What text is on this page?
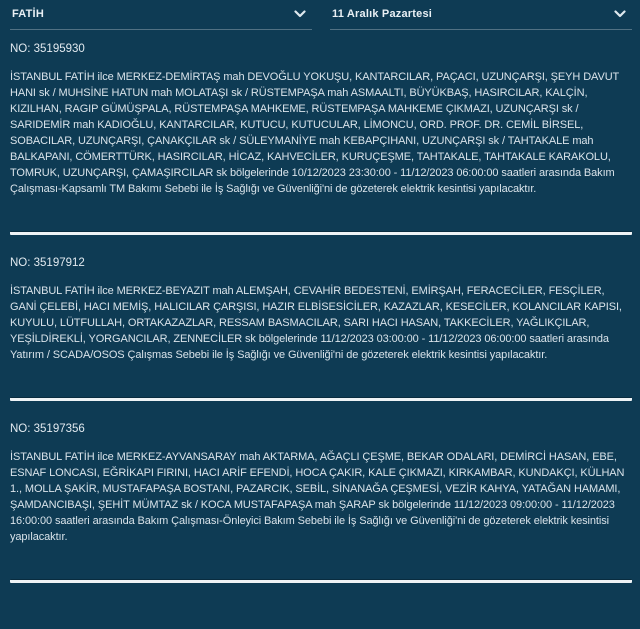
FATİH	11 Aralık Pazartesi
NO: 35195930

İSTANBUL FATİH ilce MERKEZ-DEMİRTAŞ mah DEVOĞLU YOKUŞU, KANTARCILAR, PAÇACI, UZUNÇARŞI, ŞEYH DAVUT HANI sk / MUHSİNE HATUN mah MOLATAŞI sk / RÜSTEMPAŞA mah ASMAALTI, BÜYÜKBAŞ, HASIRCILAR, KALÇİN, KIZILHAN, RAGIP GÜMÜŞPALA, RÜSTEMPAŞA MAHKEME, RÜSTEMPAŞA MAHKEME ÇIKMAZI, UZUNÇARŞI sk / SARIDEMİR mah KADIOĞLU, KANTARCILAR, KUTUCU, KUTUCULAR, LİMONCU, ORD. PROF. DR. CEMİL BİRSEL, SOBACILAR, UZUNÇARŞI, ÇANAKÇILAR sk / SÜLEYMANİYE mah KEBAPÇIHANI, UZUNÇARŞI sk / TAHTAKALE mah BALKAPANI, CÖMERTTÜRK, HASIRCILAR, HİCAZ, KAHVECİLER, KURUÇEŞME, TAHTAKALE, TAHTAKALE KARAKOLU, TOMRUK, UZUNÇARŞI, ÇAMAŞIRCILAR sk bölgelerinde 10/12/2023 23:30:00 - 11/12/2023 06:00:00 saatleri arasında Bakım Çalışması-Kapsamlı TM Bakımı Sebebi ile İş Sağlığı ve Güvenliği'ni de gözeterek elektrik kesintisi yapılacaktır.

NO: 35197912

İSTANBUL FATİH ilce MERKEZ-BEYAZIT mah ALEMŞAH, CEVAHİR BEDESTENİ, EMİRŞAH, FERACECİLER, FESÇİLER, GANİ ÇELEBİ, HACI MEMİŞ, HALICILAR ÇARŞISI, HAZIR ELBİSESİCİLER, KAZAZLAR, KESECİLER, KOLANCILAR KAPISI, KUYULU, LÜTFULLAH, ORTAKAZAZLAR, RESSAM BASMACILAR, SARI HACI HASAN, TAKKECİLER, YAĞLIKÇILAR, YEŞİLDİREKLİ, YORGANCILAR, ZENNECİLER sk bölgelerinde 11/12/2023 03:00:00 - 11/12/2023 06:00:00 saatleri arasında Yatırım / SCADA/OSOS Çalışmas Sebebi ile İş Sağlığı ve Güvenliği'ni de gözeterek elektrik kesintisi yapılacaktır.

NO: 35197356

İSTANBUL FATİH ilce MERKEZ-AYVANSARAY mah AKTARMA, AĞAÇLI ÇEŞME, BEKAR ODALARI, DEMİRCİ HASAN, EBE, ESNAF LONCASI, EĞRİKAPI FIRINI, HACI ARİF EFENDİ, HOCA ÇAKIR, KALE ÇIKMAZI, KIRKAMBAR, KUNDAKÇI, KÜLHAN 1., MOLLA ŞAKİR, MUSTAFAPAŞA BOSTANI, PAZARCIK, SEBİL, SİNANAĞA ÇEŞMESİ, VEZİR KAHYA, YATAĞAN HAMAMI, ŞAMDANCIBAŞI, ŞEHİT MÜMTAZ sk / KOCA MUSTAFAPAŞA mah ŞARAP sk bölgelerinde 11/12/2023 09:00:00 - 11/12/2023 16:00:00 saatleri arasında Bakım Çalışması-Önleyici Bakım Sebebi ile İş Sağlığı ve Güvenliği'ni de gözeterek elektrik kesintisi yapılacaktır.
